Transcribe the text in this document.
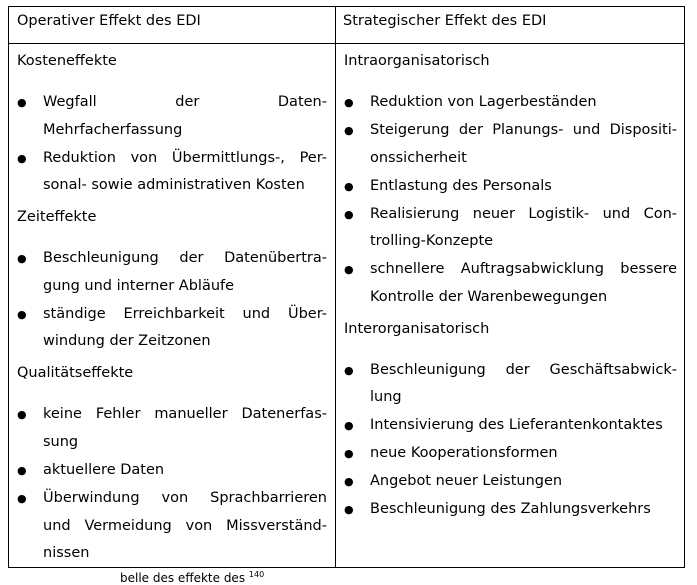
Operativer Effekt des EDI	Strategischer Effekt des EDI
Kosteneffekte
● Wegfall	der	Daten-
Mehrfacherfassung
● Reduktion von Übermittlungs-, Per-
sonal- sowie administrativen Kosten
Zeiteffekte
● Beschleunigung der Datenübertra-
gung und interner Abläufe
● ständige Erreichbarkeit und Über-
windung der Zeitzonen
Qualitätseffekte
● keine Fehler manueller Datenerfas-
sung
● aktuellere Daten
● Überwindung von Sprachbarrieren
und Vermeidung von Missverständ-
nissen
Intraorganisatorisch
● Reduktion von Lagerbeständen
● Steigerung der Planungs- und Dispositi-
onssicherheit
● Entlastung des Personals
● Realisierung neuer Logistik- und Con-
trolling-Konzepte
● schnellere Auftragsabwicklung bessere
Kontrolle der Warenbewegungen
Interorganisatorisch
● Beschleunigung der Geschäftsabwick-
lung
● Intensivierung des Lieferantenkontaktes
● neue Kooperationsformen
● Angebot neuer Leistungen
● Beschleunigung des Zahlungsverkehrs
belle des effekte des $^{140}$
